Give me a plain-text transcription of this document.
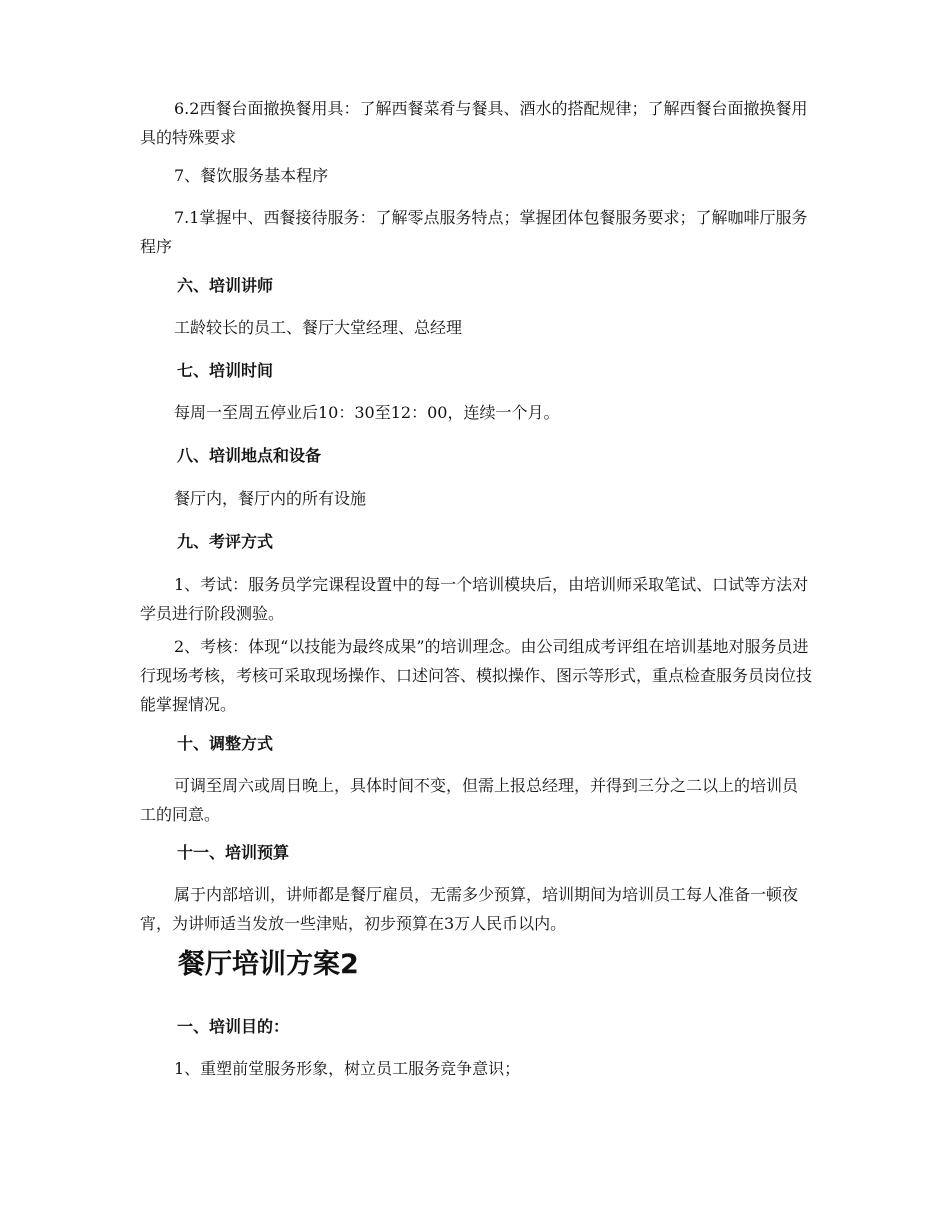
6.2西餐台面撤换餐用具：了解西餐菜肴与餐具、酒水的搭配规律；了解西餐台面撤换餐用具的特殊要求

7、餐饮服务基本程序

7.1掌握中、西餐接待服务：了解零点服务特点；掌握团体包餐服务要求；了解咖啡厅服务程序

六、培训讲师

工龄较长的员工、餐厅大堂经理、总经理

七、培训时间

每周一至周五停业后10：30至12：00，连续一个月。

八、培训地点和设备

餐厅内，餐厅内的所有设施

九、考评方式

1、考试：服务员学完课程设置中的每一个培训模块后，由培训师采取笔试、口试等方法对学员进行阶段测验。

2、考核：体现“以技能为最终成果”的培训理念。由公司组成考评组在培训基地对服务员进行现场考核，考核可采取现场操作、口述问答、模拟操作、图示等形式，重点检查服务员岗位技能掌握情况。

十、调整方式

可调至周六或周日晚上，具体时间不变，但需上报总经理，并得到三分之二以上的培训员工的同意。

十一、培训预算

属于内部培训，讲师都是餐厅雇员，无需多少预算，培训期间为培训员工每人准备一顿夜宵，为讲师适当发放一些津贴，初步预算在3万人民币以内。

餐厅培训方案2

一、培训目的：

1、重塑前堂服务形象，树立员工服务竞争意识；
